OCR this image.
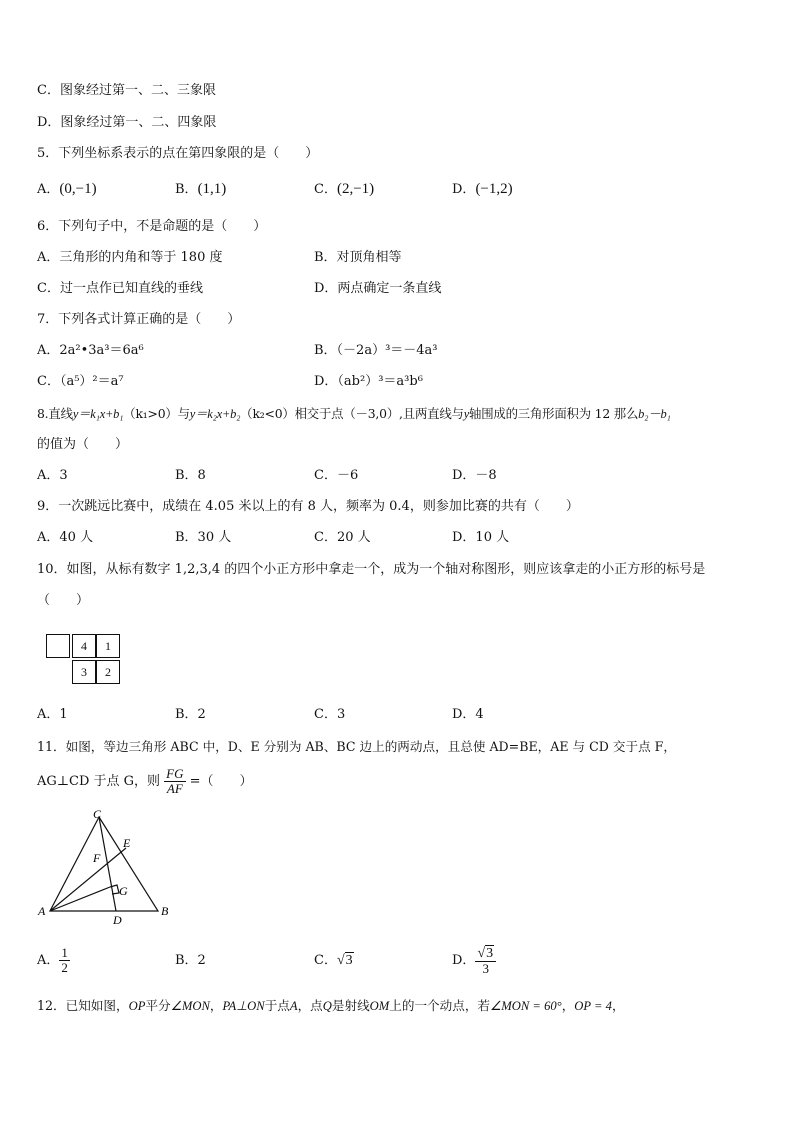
C．图象经过第一、二、三象限
D．图象经过第一、二、四象限
5．下列坐标系表示的点在第四象限的是（　　）
A．(0,−1)	B．(1,1)	C．(2,−1)	D．(−1,2)
6．下列句子中，不是命题的是（　　）
A．三角形的内角和等于 180 度	B．对顶角相等
C．过一点作已知直线的垂线	D．两点确定一条直线
7．下列各式计算正确的是（　　）
A．2a²•3a³＝6a⁶	B．（－2a）³＝－4a³
C．（a⁵）²＝a⁷	D．（ab²）³＝a³b⁶
8.直线y＝k₁x+b₁（k₁>0）与y＝k₂x+b₂（k₂<0）相交于点（－3,0）,且两直线与y轴围成的三角形面积为 12 那么b₂－b₁
的值为（　　）
A．3	B．8	C．－6	D．－8
9．一次跳远比赛中，成绩在 4.05 米以上的有 8 人，频率为 0.4，则参加比赛的共有（　　）
A．40 人	B．30 人	C．20 人	D．10 人
10．如图，从标有数字 1,2,3,4 的四个小正方形中拿走一个，成为一个轴对称图形，则应该拿走的小正方形的标号是
（　　）
4	1
3	2
A．1	B．2	C．3	D．4
11．如图，等边三角形 ABC 中，D、E 分别为 AB、BC 边上的两动点，且总使 AD=BE，AE 与 CD 交于点 F，
AG⊥CD 于点 G，则 $\frac{FG}{AF}$ =（　　）
C
E
F
G
A
D
B
A． $\frac{1}{2}$	B．2	C．√3	D． $\frac{√3}{3}$
12．已知如图，OP平分∠MON，PA⊥ON于点A，点Q是射线OM上的一个动点，若∠MON = 60°，OP = 4，
